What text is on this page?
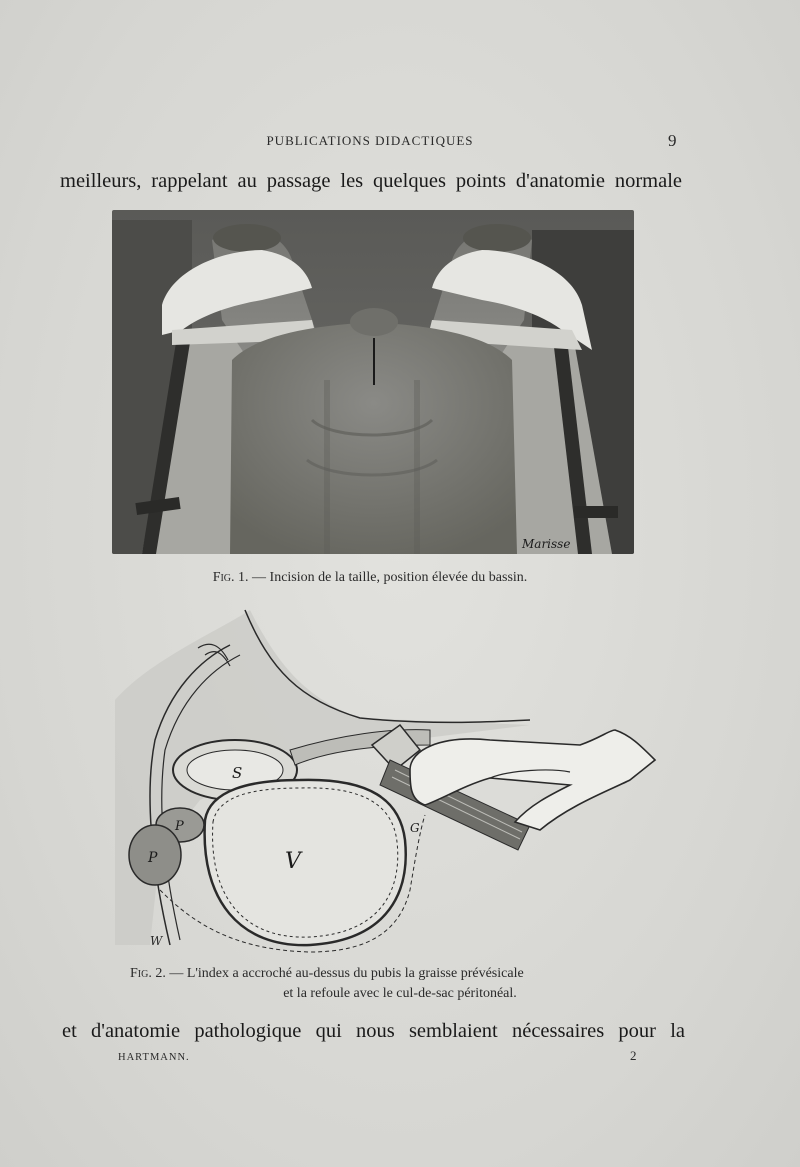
PUBLICATIONS DIDACTIQUES	9
meilleurs, rappelant au passage les quelques points d'anatomie normale
Marisse
Fig. 1. — Incision de la taille, position élevée du bassin.
S
V
P
P
G
W
Fig. 2. — L'index a accroché au-dessus du pubis la graisse prévésicale
et la refoule avec le cul-de-sac péritonéal.
et d'anatomie pathologique qui nous semblaient nécessaires pour la
HARTMANN.	2
